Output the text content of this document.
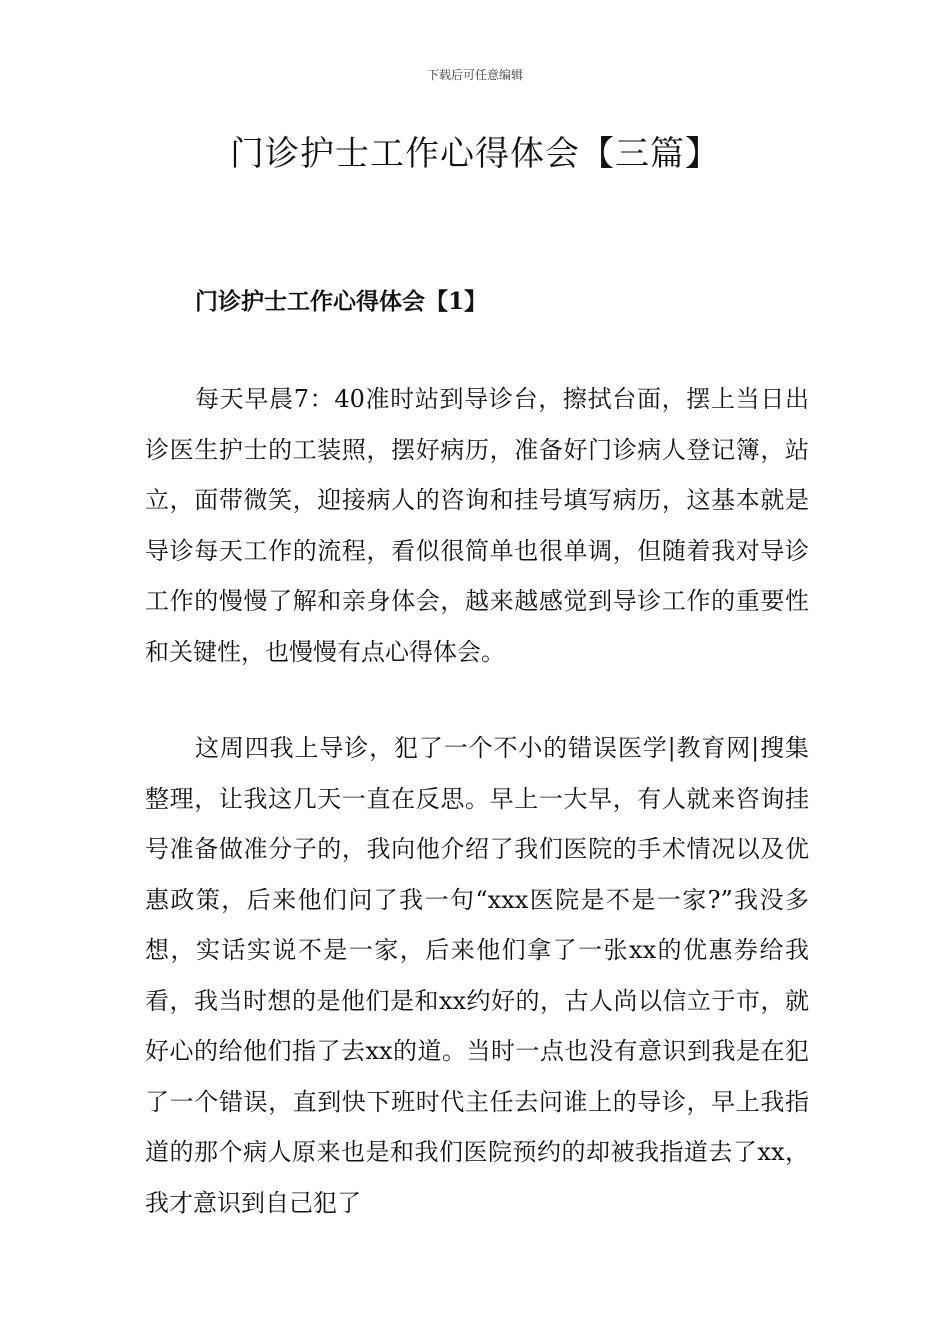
下载后可任意编辑
门诊护士工作心得体会【三篇】
门诊护士工作心得体会【1】

每天早晨7：40准时站到导诊台，擦拭台面，摆上当日出诊医生护士的工装照，摆好病历，准备好门诊病人登记簿，站立，面带微笑，迎接病人的咨询和挂号填写病历，这基本就是导诊每天工作的流程，看似很简单也很单调，但随着我对导诊工作的慢慢了解和亲身体会，越来越感觉到导诊工作的重要性和关键性，也慢慢有点心得体会。

这周四我上导诊，犯了一个不小的错误医学|教育网|搜集整理，让我这几天一直在反思。早上一大早，有人就来咨询挂号准备做准分子的，我向他介绍了我们医院的手术情况以及优惠政策，后来他们问了我一句“xxx医院是不是一家?”我没多想，实话实说不是一家，后来他们拿了一张xx的优惠券给我看，我当时想的是他们是和xx约好的，古人尚以信立于市，就好心的给他们指了去xx的道。当时一点也没有意识到我是在犯了一个错误，直到快下班时代主任去问谁上的导诊，早上我指道的那个病人原来也是和我们医院预约的却被我指道去了xx，我才意识到自己犯了
